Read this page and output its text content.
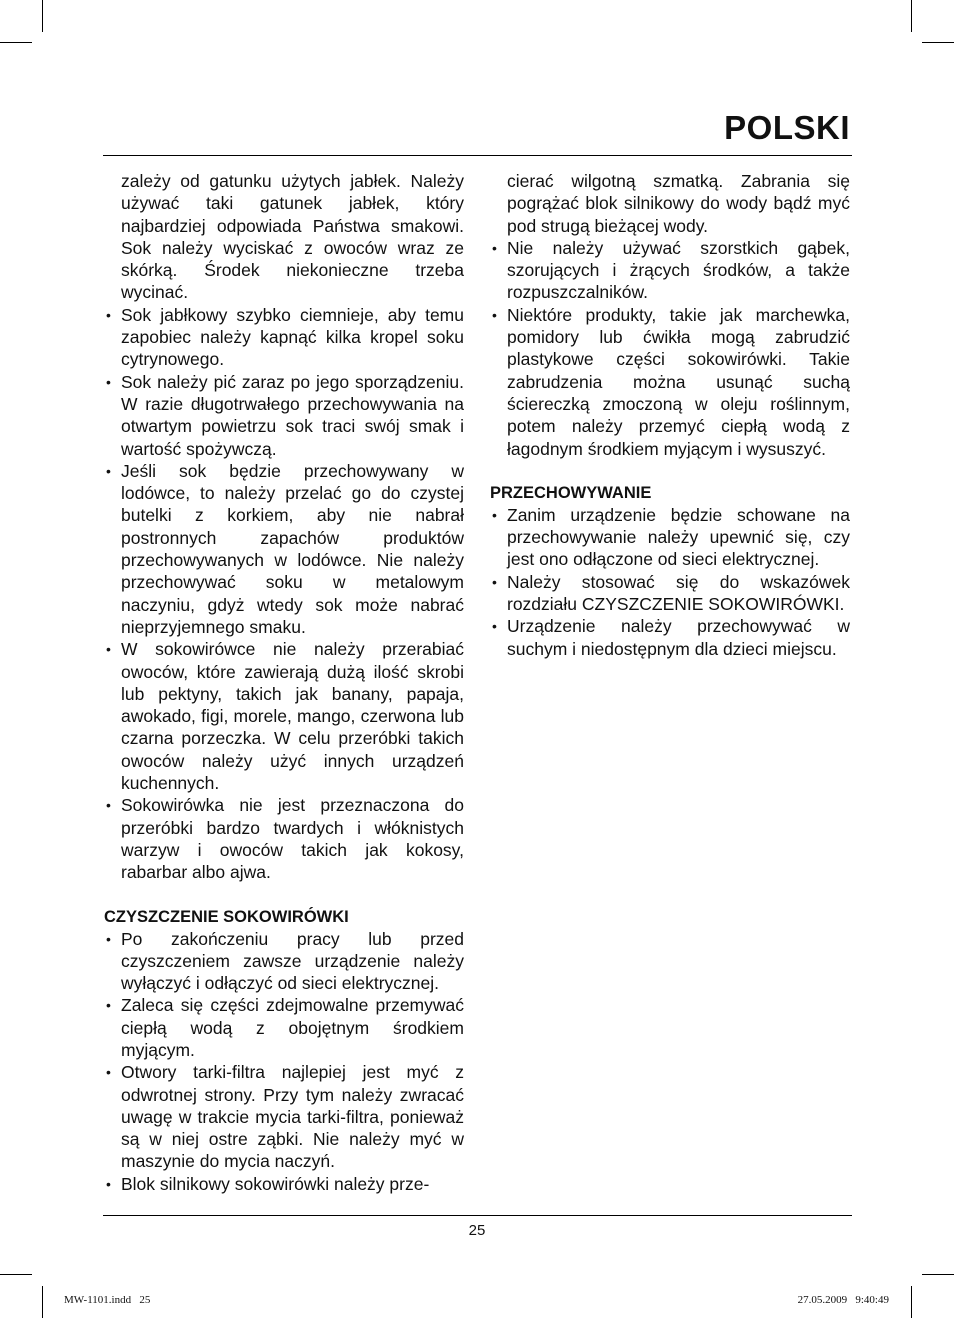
POLSKI

zależy od gatunku użytych jabłek. Należy używać taki gatunek jabłek, który najbardziej odpowiada Państwa smakowi. Sok należy wyciskać z owoców wraz ze skórką. Środek niekonieczne trzeba wycinać.

• Sok jabłkowy szybko ciemnieje, aby temu zapobiec należy kapnąć kilka kropel soku cytrynowego.
• Sok należy pić zaraz po jego sporządzeniu. W razie długotrwałego przechowywania na otwartym powietrzu sok traci swój smak i wartość spożywczą.
• Jeśli sok będzie przechowywany w lodówce, to należy przelać go do czystej butelki z korkiem, aby nie nabrał postronnych zapachów produktów przechowywanych w lodówce. Nie należy przechowywać soku w metalowym naczyniu, gdyż wtedy sok może nabrać nieprzyjemnego smaku.
• W sokowirówce nie należy przerabiać owoców, które zawierają dużą ilość skrobi lub pektyny, takich jak banany, papaja, awokado, figi, morele, mango, czerwona lub czarna porzeczka. W celu przeróbki takich owoców należy użyć innych urządzeń kuchennych.
• Sokowirówka nie jest przeznaczona do przeróbki bardzo twardych i włóknistych warzyw i owoców takich jak kokosy, rabarbar albo ajwa.
CZYSZCZENIE SOKOWIRÓWKI
• Po zakończeniu pracy lub przed czyszczeniem zawsze urządzenie należy wyłączyć i odłączyć od sieci elektrycznej.
• Zaleca się części zdejmowalne przemywać ciepłą wodą z obojętnym środkiem myjącym.
• Otwory tarki-filtra najlepiej jest myć z odwrotnej strony. Przy tym należy zwracać uwagę w trakcie mycia tarki-filtra, ponieważ są w niej ostre ząbki. Nie należy myć w maszynie do mycia naczyń.
• Blok silnikowy sokowirówki należy prze-

cierać wilgotną szmatką. Zabrania się pogrążać blok silnikowy do wody bądź myć pod strugą bieżącej wody.

• Nie należy używać szorstkich gąbek, szorujących i żrących środków, a także rozpuszczalników.
• Niektóre produkty, takie jak marchewka, pomidory lub ćwikła mogą zabrudzić plastykowe części sokowirówki. Takie zabrudzenia można usunąć suchą ściereczką zmoczoną w oleju roślinnym, potem należy przemyć ciepłą wodą z łagodnym środkiem myjącym i wysuszyć.
PRZECHOWYWANIE
• Zanim urządzenie będzie schowane na przechowywanie należy upewnić się, czy jest ono odłączone od sieci elektrycznej.
• Należy stosować się do wskazówek rozdziału CZYSZCZENIE SOKOWIRÓWKI.
• Urządzenie należy przechowywać w suchym i niedostępnym dla dzieci miejscu.
25
MW-1101.indd   25	27.05.2009   9:40:49
